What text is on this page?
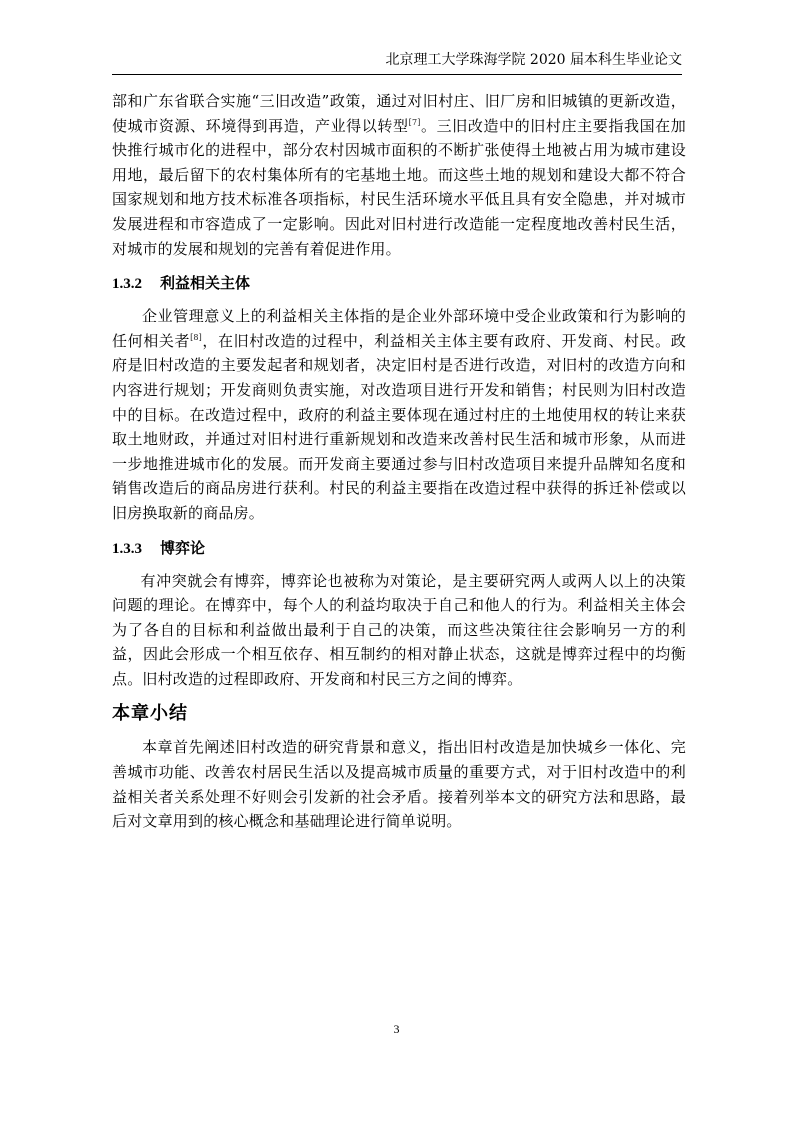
北京理工大学珠海学院 2020 届本科生毕业论文

部和广东省联合实施“三旧改造”政策，通过对旧村庄、旧厂房和旧城镇的更新改造，使城市资源、环境得到再造，产业得以转型[7]。三旧改造中的旧村庄主要指我国在加快推行城市化的进程中，部分农村因城市面积的不断扩张使得土地被占用为城市建设用地，最后留下的农村集体所有的宅基地土地。而这些土地的规划和建设大都不符合国家规划和地方技术标准各项指标，村民生活环境水平低且具有安全隐患，并对城市发展进程和市容造成了一定影响。因此对旧村进行改造能一定程度地改善村民生活，对城市的发展和规划的完善有着促进作用。

1.3.2 利益相关主体

企业管理意义上的利益相关主体指的是企业外部环境中受企业政策和行为影响的任何相关者[8]，在旧村改造的过程中，利益相关主体主要有政府、开发商、村民。政府是旧村改造的主要发起者和规划者，决定旧村是否进行改造，对旧村的改造方向和内容进行规划；开发商则负责实施，对改造项目进行开发和销售；村民则为旧村改造中的目标。在改造过程中，政府的利益主要体现在通过村庄的土地使用权的转让来获取土地财政，并通过对旧村进行重新规划和改造来改善村民生活和城市形象，从而进一步地推进城市化的发展。而开发商主要通过参与旧村改造项目来提升品牌知名度和销售改造后的商品房进行获利。村民的利益主要指在改造过程中获得的拆迁补偿或以旧房换取新的商品房。

1.3.3 博弈论

有冲突就会有博弈，博弈论也被称为对策论，是主要研究两人或两人以上的决策问题的理论。在博弈中，每个人的利益均取决于自己和他人的行为。利益相关主体会为了各自的目标和利益做出最利于自己的决策，而这些决策往往会影响另一方的利益，因此会形成一个相互依存、相互制约的相对静止状态，这就是博弈过程中的均衡点。旧村改造的过程即政府、开发商和村民三方之间的博弈。

本章小结

本章首先阐述旧村改造的研究背景和意义，指出旧村改造是加快城乡一体化、完善城市功能、改善农村居民生活以及提高城市质量的重要方式，对于旧村改造中的利益相关者关系处理不好则会引发新的社会矛盾。接着列举本文的研究方法和思路，最后对文章用到的核心概念和基础理论进行简单说明。

3
